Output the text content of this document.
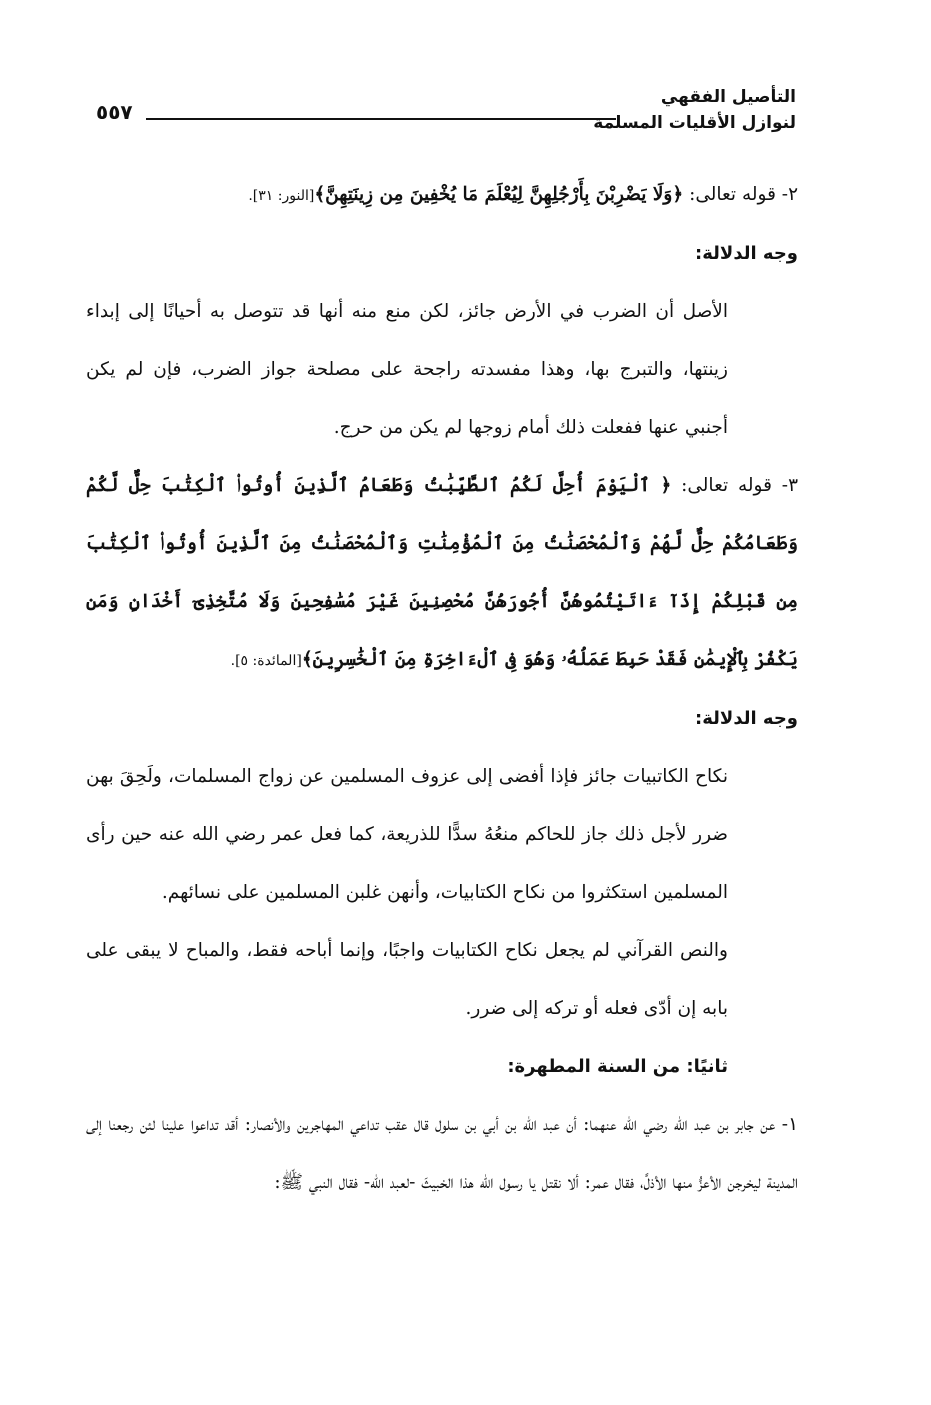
٥٥٧
التأصيل الفقهي
لنوازل الأقليات المسلمة

٢- قوله تعالى: ﴿وَلَا يَضْرِبْنَ بِأَرْجُلِهِنَّ لِيُعْلَمَ مَا يُخْفِينَ مِن زِينَتِهِنَّ﴾[النور: ٣١].

وجه الدلالة:

الأصل أن الضرب في الأرض جائز، لكن منع منه أنها قد تتوصل به أحيانًا إلى إبداء زينتها، والتبرج بها، وهذا مفسدته راجحة على مصلحة جواز الضرب، فإن لم يكن أجنبي عنها ففعلت ذلك أمام زوجها لم يكن من حرج.

٣- قوله تعالى: ﴿ ٱلْيَوْمَ أُحِلَّ لَكُمُ ٱلطَّيِّبَٰتُ وَطَعَامُ ٱلَّذِينَ أُوتُوا۟ ٱلْكِتَٰبَ حِلٌّ لَّكُمْ وَطَعَامُكُمْ حِلٌّ لَّهُمْ وَٱلْمُحْصَنَٰتُ مِنَ ٱلْمُؤْمِنَٰتِ وَٱلْمُحْصَنَٰتُ مِنَ ٱلَّذِينَ أُوتُوا۟ ٱلْكِتَٰبَ مِن قَبْلِكُمْ إِذَآ ءَاتَيْتُمُوهُنَّ أُجُورَهُنَّ مُحْصِنِينَ غَيْرَ مُسَٰفِحِينَ وَلَا مُتَّخِذِىٓ أَخْدَانٍ وَمَن يَكْفُرْ بِٱلْإِيمَٰنِ فَقَدْ حَبِطَ عَمَلُهُۥ وَهُوَ فِى ٱلْءَاخِرَةِ مِنَ ٱلْخَٰسِرِينَ﴾[المائدة: ٥].

وجه الدلالة:

نكاح الكاتبيات جائز فإذا أفضى إلى عزوف المسلمين عن زواج المسلمات، ولَحِقَ بهن ضرر لأجل ذلك جاز للحاكم منعُهُ سدًّا للذريعة، كما فعل عمر رضي الله عنه حين رأى المسلمين استكثروا من نكاح الكتابيات، وأنهن غلبن المسلمين على نسائهم.

والنص القرآني لم يجعل نكاح الكتابيات واجبًا، وإنما أباحه فقط، والمباح لا يبقى على بابه إن أدّى فعله أو تركه إلى ضرر.

ثانيًا: من السنة المطهرة:

١- عن جابر بن عبد الله رضي الله عنهما: أن عبد الله بن أبي بن سلول قال عقب تداعي المهاجرين والأنصار: أقد تداعوا علينا لئن رجعنا إلى المدينة ليخرجن الأعزُّ منها الأذلَّ، فقال عمر: ألا نقتل يا رسول الله هذا الخبيثَ -لعبد الله- فقال النبي ﷺ:
